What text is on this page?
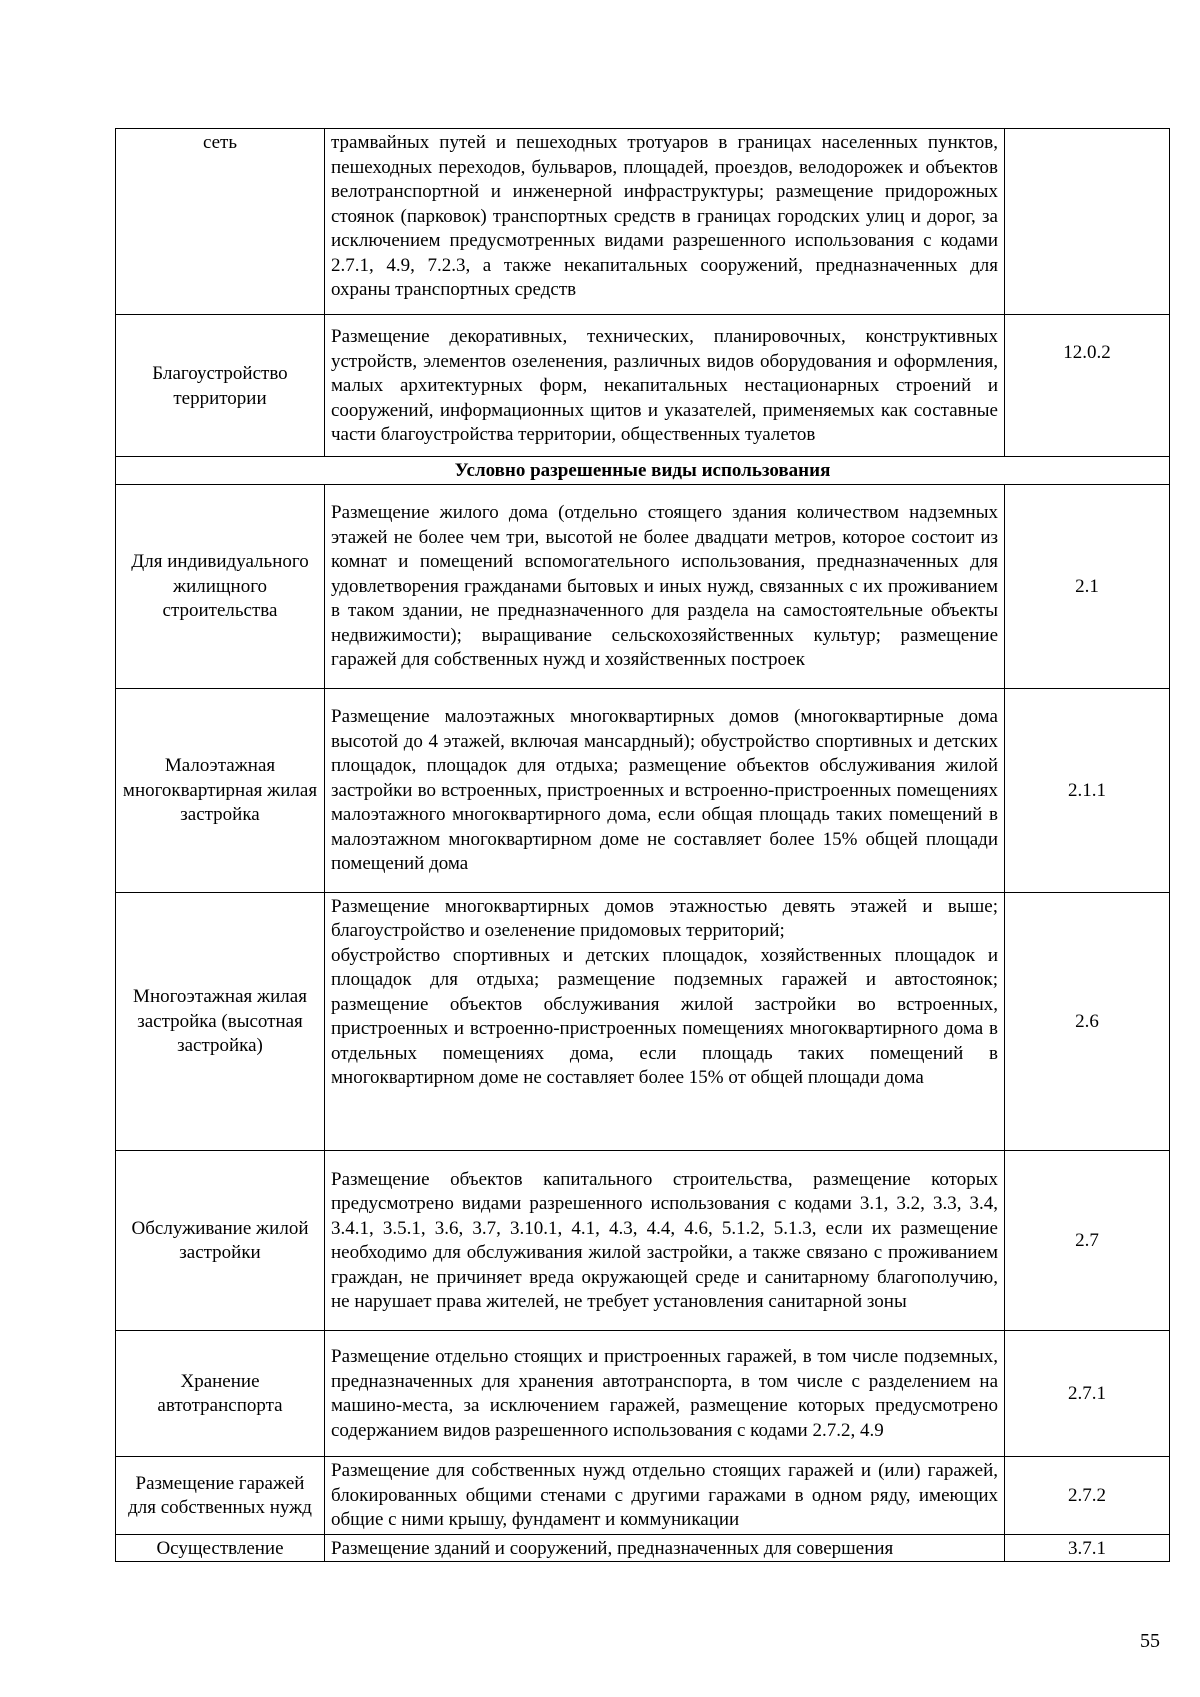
сеть	трамвайных путей и пешеходных тротуаров в границах населенных пунктов, пешеходных переходов, бульваров, площадей, проездов, велодорожек и объектов велотранспортной и инженерной инфраструктуры; размещение придорожных стоянок (парковок) транспортных средств в границах городских улиц и дорог, за исключением предусмотренных видами разрешенного использования с кодами 2.7.1, 4.9, 7.2.3, а также некапитальных сооружений, предназначенных для охраны транспортных средств	
Благоустройство территории	Размещение декоративных, технических, планировочных, конструктивных устройств, элементов озеленения, различных видов оборудования и оформления, малых архитектурных форм, некапитальных нестационарных строений и сооружений, информационных щитов и указателей, применяемых как составные части благоустройства территории, общественных туалетов	12.0.2
Условно разрешенные виды использования		
Для индивидуального жилищного строительства	Размещение жилого дома (отдельно стоящего здания количеством надземных этажей не более чем три, высотой не более двадцати метров, которое состоит из комнат и помещений вспомогательного использования, предназначенных для удовлетворения гражданами бытовых и иных нужд, связанных с их проживанием в таком здании, не предназначенного для раздела на самостоятельные объекты недвижимости); выращивание сельскохозяйственных культур; размещение гаражей для собственных нужд и хозяйственных построек	2.1
Малоэтажная многоквартирная жилая застройка	Размещение малоэтажных многоквартирных домов (многоквартирные дома высотой до 4 этажей, включая мансардный); обустройство спортивных и детских площадок, площадок для отдыха; размещение объектов обслуживания жилой застройки во встроенных, пристроенных и встроенно-пристроенных помещениях малоэтажного многоквартирного дома, если общая площадь таких помещений в малоэтажном многоквартирном доме не составляет более 15% общей площади помещений дома	2.1.1
Многоэтажная жилая застройка (высотная застройка)	Размещение многоквартирных домов этажностью девять этажей и выше; благоустройство и озеленение придомовых территорий;
обустройство спортивных и детских площадок, хозяйственных площадок и площадок для отдыха; размещение подземных гаражей и автостоянок; размещение объектов обслуживания жилой застройки во встроенных, пристроенных и встроенно-пристроенных помещениях многоквартирного дома в отдельных помещениях дома, если площадь таких помещений в многоквартирном доме не составляет более 15% от общей площади дома	2.6
Обслуживание жилой застройки	Размещение объектов капитального строительства, размещение которых предусмотрено видами разрешенного использования с кодами 3.1, 3.2, 3.3, 3.4, 3.4.1, 3.5.1, 3.6, 3.7, 3.10.1, 4.1, 4.3, 4.4, 4.6, 5.1.2, 5.1.3, если их размещение необходимо для обслуживания жилой застройки, а также связано с проживанием граждан, не причиняет вреда окружающей среде и санитарному благополучию, не нарушает права жителей, не требует установления санитарной зоны	2.7
Хранение автотранспорта	Размещение отдельно стоящих и пристроенных гаражей, в том числе подземных, предназначенных для хранения автотранспорта, в том числе с разделением на машино-места, за исключением гаражей, размещение которых предусмотрено содержанием видов разрешенного использования с кодами 2.7.2, 4.9	2.7.1
Размещение гаражей для собственных нужд	Размещение для собственных нужд отдельно стоящих гаражей и (или) гаражей, блокированных общими стенами с другими гаражами в одном ряду, имеющих общие с ними крышу, фундамент и коммуникации	2.7.2
Осуществление	Размещение зданий и сооружений, предназначенных для совершения	3.7.1
55
